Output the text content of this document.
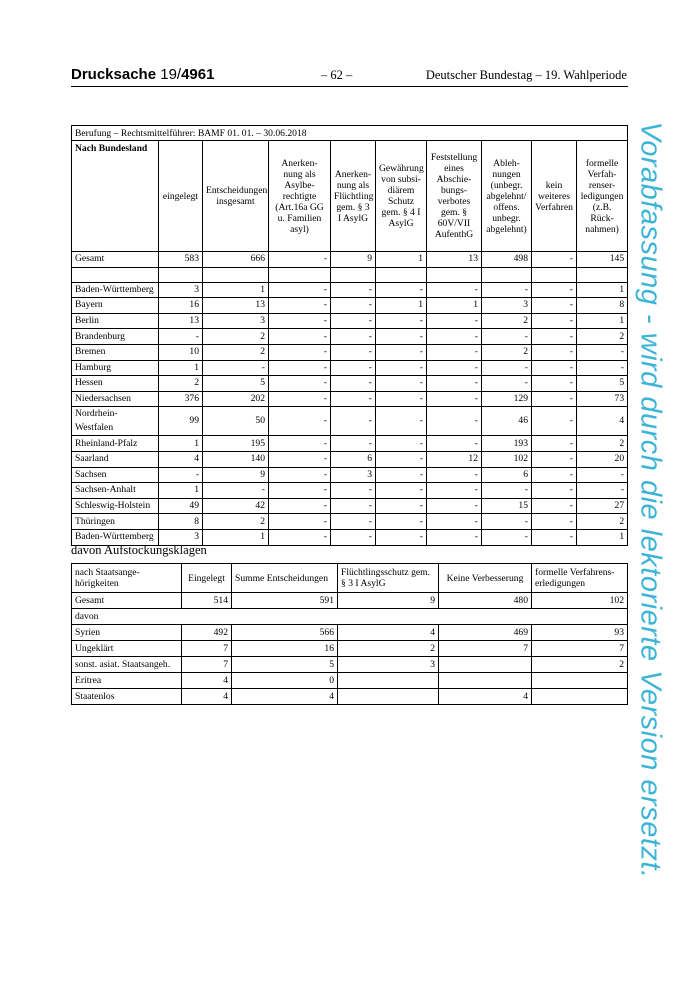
Drucksache 19/4961	– 62 –	Deutscher Bundestag – 19. Wahlperiode
Berufung – Rechtsmittelführer: BAMF 01. 01. – 30.06.2018									
Nach Bundesland	eingelegt	Entscheidungen insgesamt	Anerken-nung als Asylbe-rechtigte (Art.16a GG u. Familien asyl)	Anerken-nung als Flüchtling gem. § 3 I AsylG	Gewährung von subsi-diärem Schutz gem. § 4 I AsylG	Feststellung eines Abschie-bungs-verbotes gem. § 60V/VII AufenthG	Ableh-nungen (unbegr. abgelehnt/ offens. unbegr. abgelehnt)	kein weiteres Verfahren	formelle Verfah-renser-ledigungen (z.B. Rück-nahmen)
Gesamt	583	666	-	9	1	13	498	-	145

Baden-Württemberg	3	1	-	-	-	-	-	-	1
Bayern	16	13	-	-	1	1	3	-	8
Berlin	13	3	-	-	-	-	2	-	1
Brandenburg	-	2	-	-	-	-	-	-	2
Bremen	10	2	-	-	-	-	2	-	-
Hamburg	1	-	-	-	-	-	-	-	-
Hessen	2	5	-	-	-	-	-	-	5
Niedersachsen	376	202	-	-	-	-	129	-	73
Nordrhein-Westfalen	99	50	-	-	-	-	46	-	4
Rheinland-Pfalz	1	195	-	-	-	-	193	-	2
Saarland	4	140	-	6	-	12	102	-	20
Sachsen	-	9	-	3	-	-	6	-	-
Sachsen-Anhalt	1	-	-	-	-	-	-	-	-
Schleswig-Holstein	49	42	-	-	-	-	15	-	27
Thüringen	8	2	-	-	-	-	-	-	2
Baden-Württemberg	3	1	-	-	-	-	-	-	1
davon Aufstockungsklagen
nach Staatsange-hörigkeiten	Eingelegt	Summe Entscheidungen	Flüchtlingsschutz gem. § 3 I AsylG	Keine Verbesserung	formelle Verfahrens-erledigungen
Gesamt	514	591	9	480	102
davon					
Syrien	492	566	4	469	93
Ungeklärt	7	16	2	7	7
sonst. asiat. Staatsangeh.	7	5	3		2
Eritrea	4	0			
Staatenlos	4	4		4		Vorabfassung - wird durch die lektorierte Version ersetzt.
